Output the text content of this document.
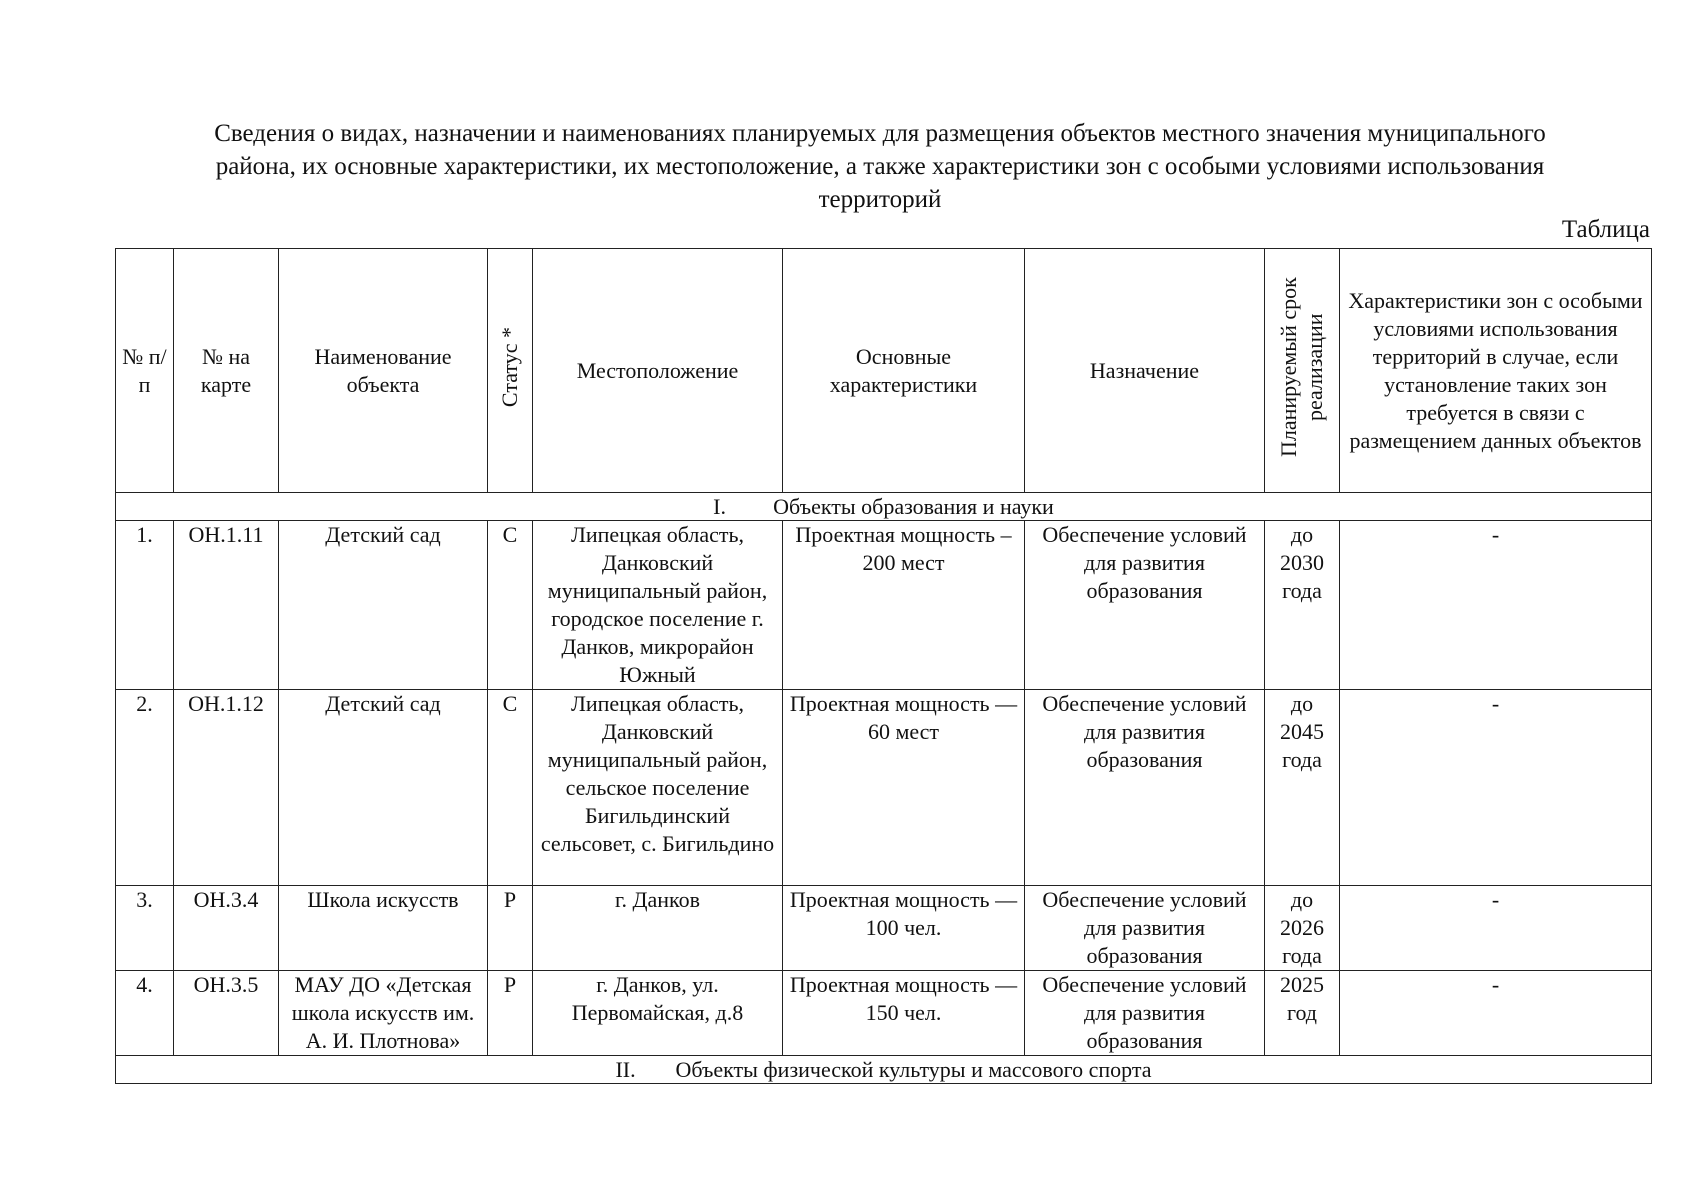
Сведения о видах, назначении и наименованиях планируемых для размещения объектов местного значения муниципального района, их основные характеристики, их местоположение, а также характеристики зон с особыми условиями использования территорий

Таблица
№ п/п	№ на карте	Наименование объекта	Статус *	Местоположение	Основные характеристики	Назначение	Планируемый срок реализации	Характеристики зон с особыми условиями использования территорий в случае, если установление таких зон требуется в связи с размещением данных объектов
I. Объекты образования и науки								
1.	ОН.1.11	Детский сад	С	Липецкая область, Данковский муниципальный район, городское поселение г. Данков, микрорайон Южный	Проектная мощность – 200 мест	Обеспечение условий для развития образования	до 2030 года	-
2.	ОН.1.12	Детский сад	С	Липецкая область, Данковский муниципальный район, сельское поселение Бигильдинский сельсовет, с. Бигильдино	Проектная мощность — 60 мест	Обеспечение условий для развития образования	до 2045 года	-
3.	ОН.3.4	Школа искусств	Р	г. Данков	Проектная мощность — 100 чел.	Обеспечение условий для развития образования	до 2026 года	-
4.	ОН.3.5	МАУ ДО «Детская школа искусств им. А. И. Плотнова»	Р	г. Данков, ул. Первомайская, д.8	Проектная мощность — 150 чел.	Обеспечение условий для развития образования	2025 год	-
II. Объекты физической культуры и массового спорта								
